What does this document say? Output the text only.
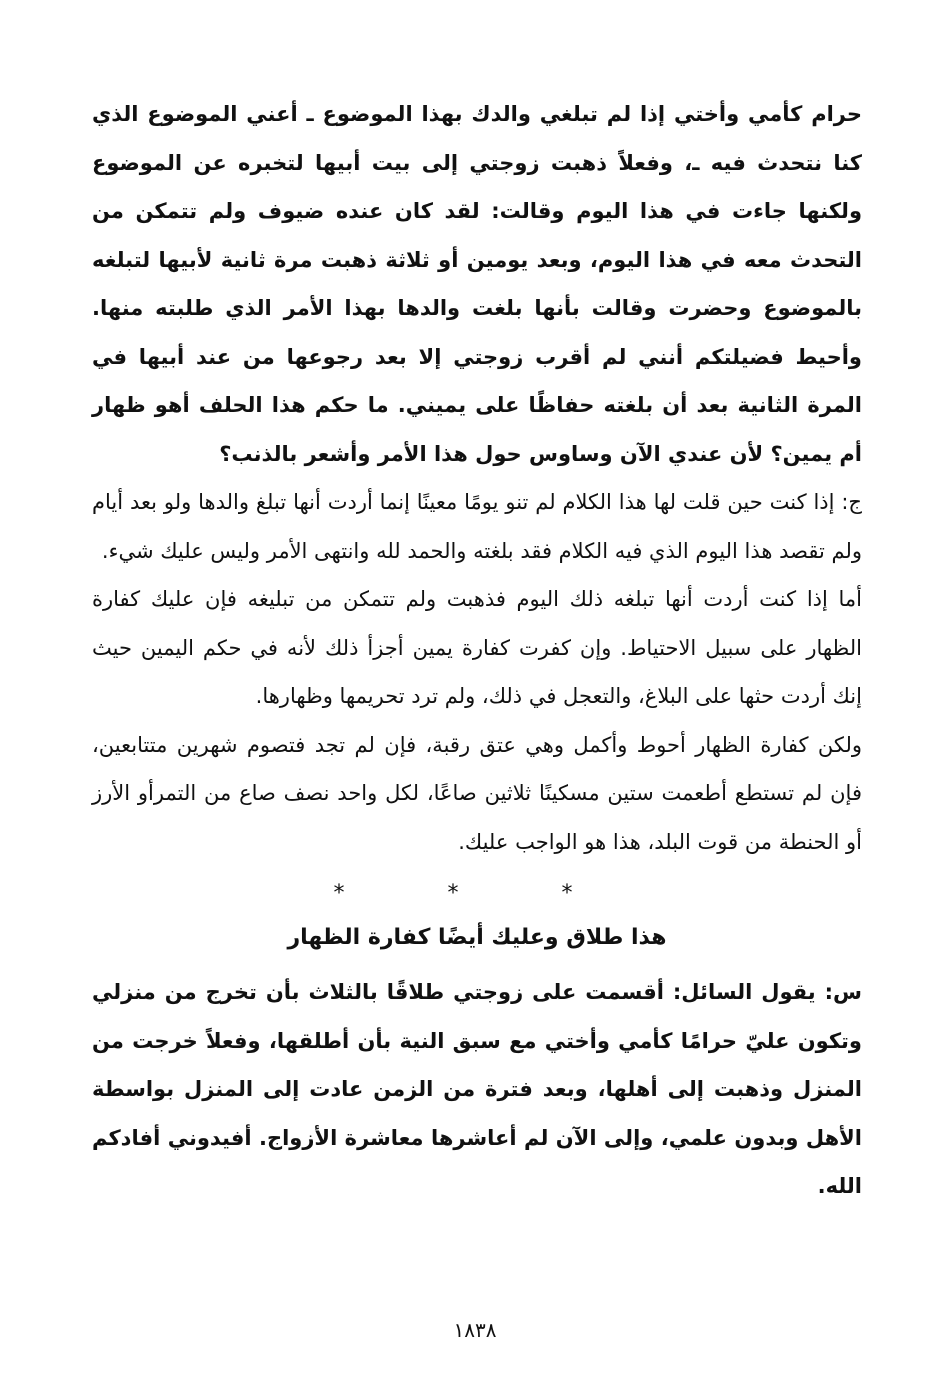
حرام كأمي وأختي إذا لم تبلغي والدك بهذا الموضوع ـ أعني الموضوع الذي كنا نتحدث فيه ـ، وفعلاً ذهبت زوجتي إلى بيت أبيها لتخبره عن الموضوع ولكنها جاءت في هذا اليوم وقالت: لقد كان عنده ضيوف ولم تتمكن من التحدث معه في هذا اليوم، وبعد يومين أو ثلاثة ذهبت مرة ثانية لأبيها لتبلغه بالموضوع وحضرت وقالت بأنها بلغت والدها بهذا الأمر الذي طلبته منها. وأحيط فضيلتكم أنني لم أقرب زوجتي إلا بعد رجوعها من عند أبيها في المرة الثانية بعد أن بلغته حفاظًا على يميني. ما حكم هذا الحلف أهو ظهار أم يمين؟ لأن عندي الآن وساوس حول هذا الأمر وأشعر بالذنب؟

ج: إذا كنت حين قلت لها هذا الكلام لم تنو يومًا معينًا إنما أردت أنها تبلغ والدها ولو بعد أيام ولم تقصد هذا اليوم الذي فيه الكلام فقد بلغته والحمد لله وانتهى الأمر وليس عليك شيء.

أما إذا كنت أردت أنها تبلغه ذلك اليوم فذهبت ولم تتمكن من تبليغه فإن عليك كفارة الظهار على سبيل الاحتياط. وإن كفرت كفارة يمين أجزأ ذلك لأنه في حكم اليمين حيث إنك أردت حثها على البلاغ، والتعجل في ذلك، ولم ترد تحريمها وظهارها.

ولكن كفارة الظهار أحوط وأكمل وهي عتق رقبة، فإن لم تجد فتصوم شهرين متتابعين، فإن لم تستطع أطعمت ستين مسكينًا ثلاثين صاعًا، لكل واحد نصف صاع من التمرأو الأرز أو الحنطة من قوت البلد، هذا هو الواجب عليك.

* * *
هذا طلاق وعليك أيضًا كفارة الظهار

س: يقول السائل: أقسمت على زوجتي طلاقًا بالثلاث بأن تخرج من منزلي وتكون عليّ حرامًا كأمي وأختي مع سبق النية بأن أطلقها، وفعلاً خرجت من المنزل وذهبت إلى أهلها، وبعد فترة من الزمن عادت إلى المنزل بواسطة الأهل وبدون علمي، وإلى الآن لم أعاشرها معاشرة الأزواج. أفيدوني أفادكم الله.

١٨٣٨
